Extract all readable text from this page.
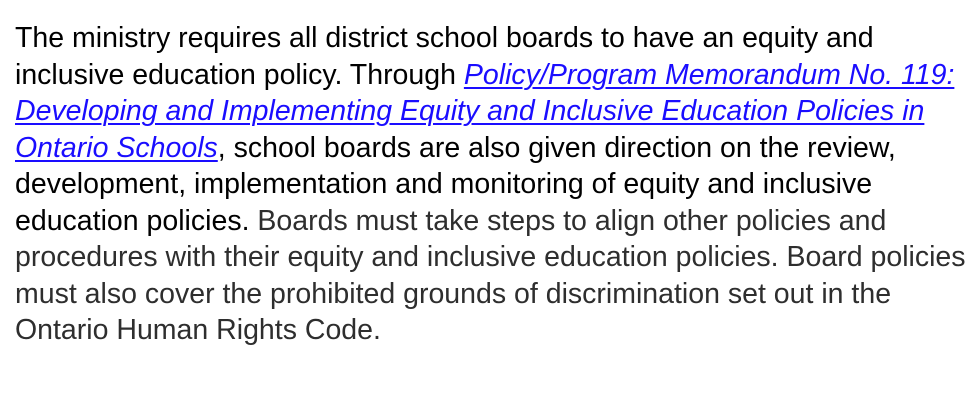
The ministry requires all district school boards to have an equity and inclusive education policy. Through Policy/Program Memorandum No. 119: Developing and Implementing Equity and Inclusive Education Policies in Ontario Schools, school boards are also given direction on the review, development, implementation and monitoring of equity and inclusive education policies. Boards must take steps to align other policies and procedures with their equity and inclusive education policies. Board policies must also cover the prohibited grounds of discrimination set out in the Ontario Human Rights Code.
